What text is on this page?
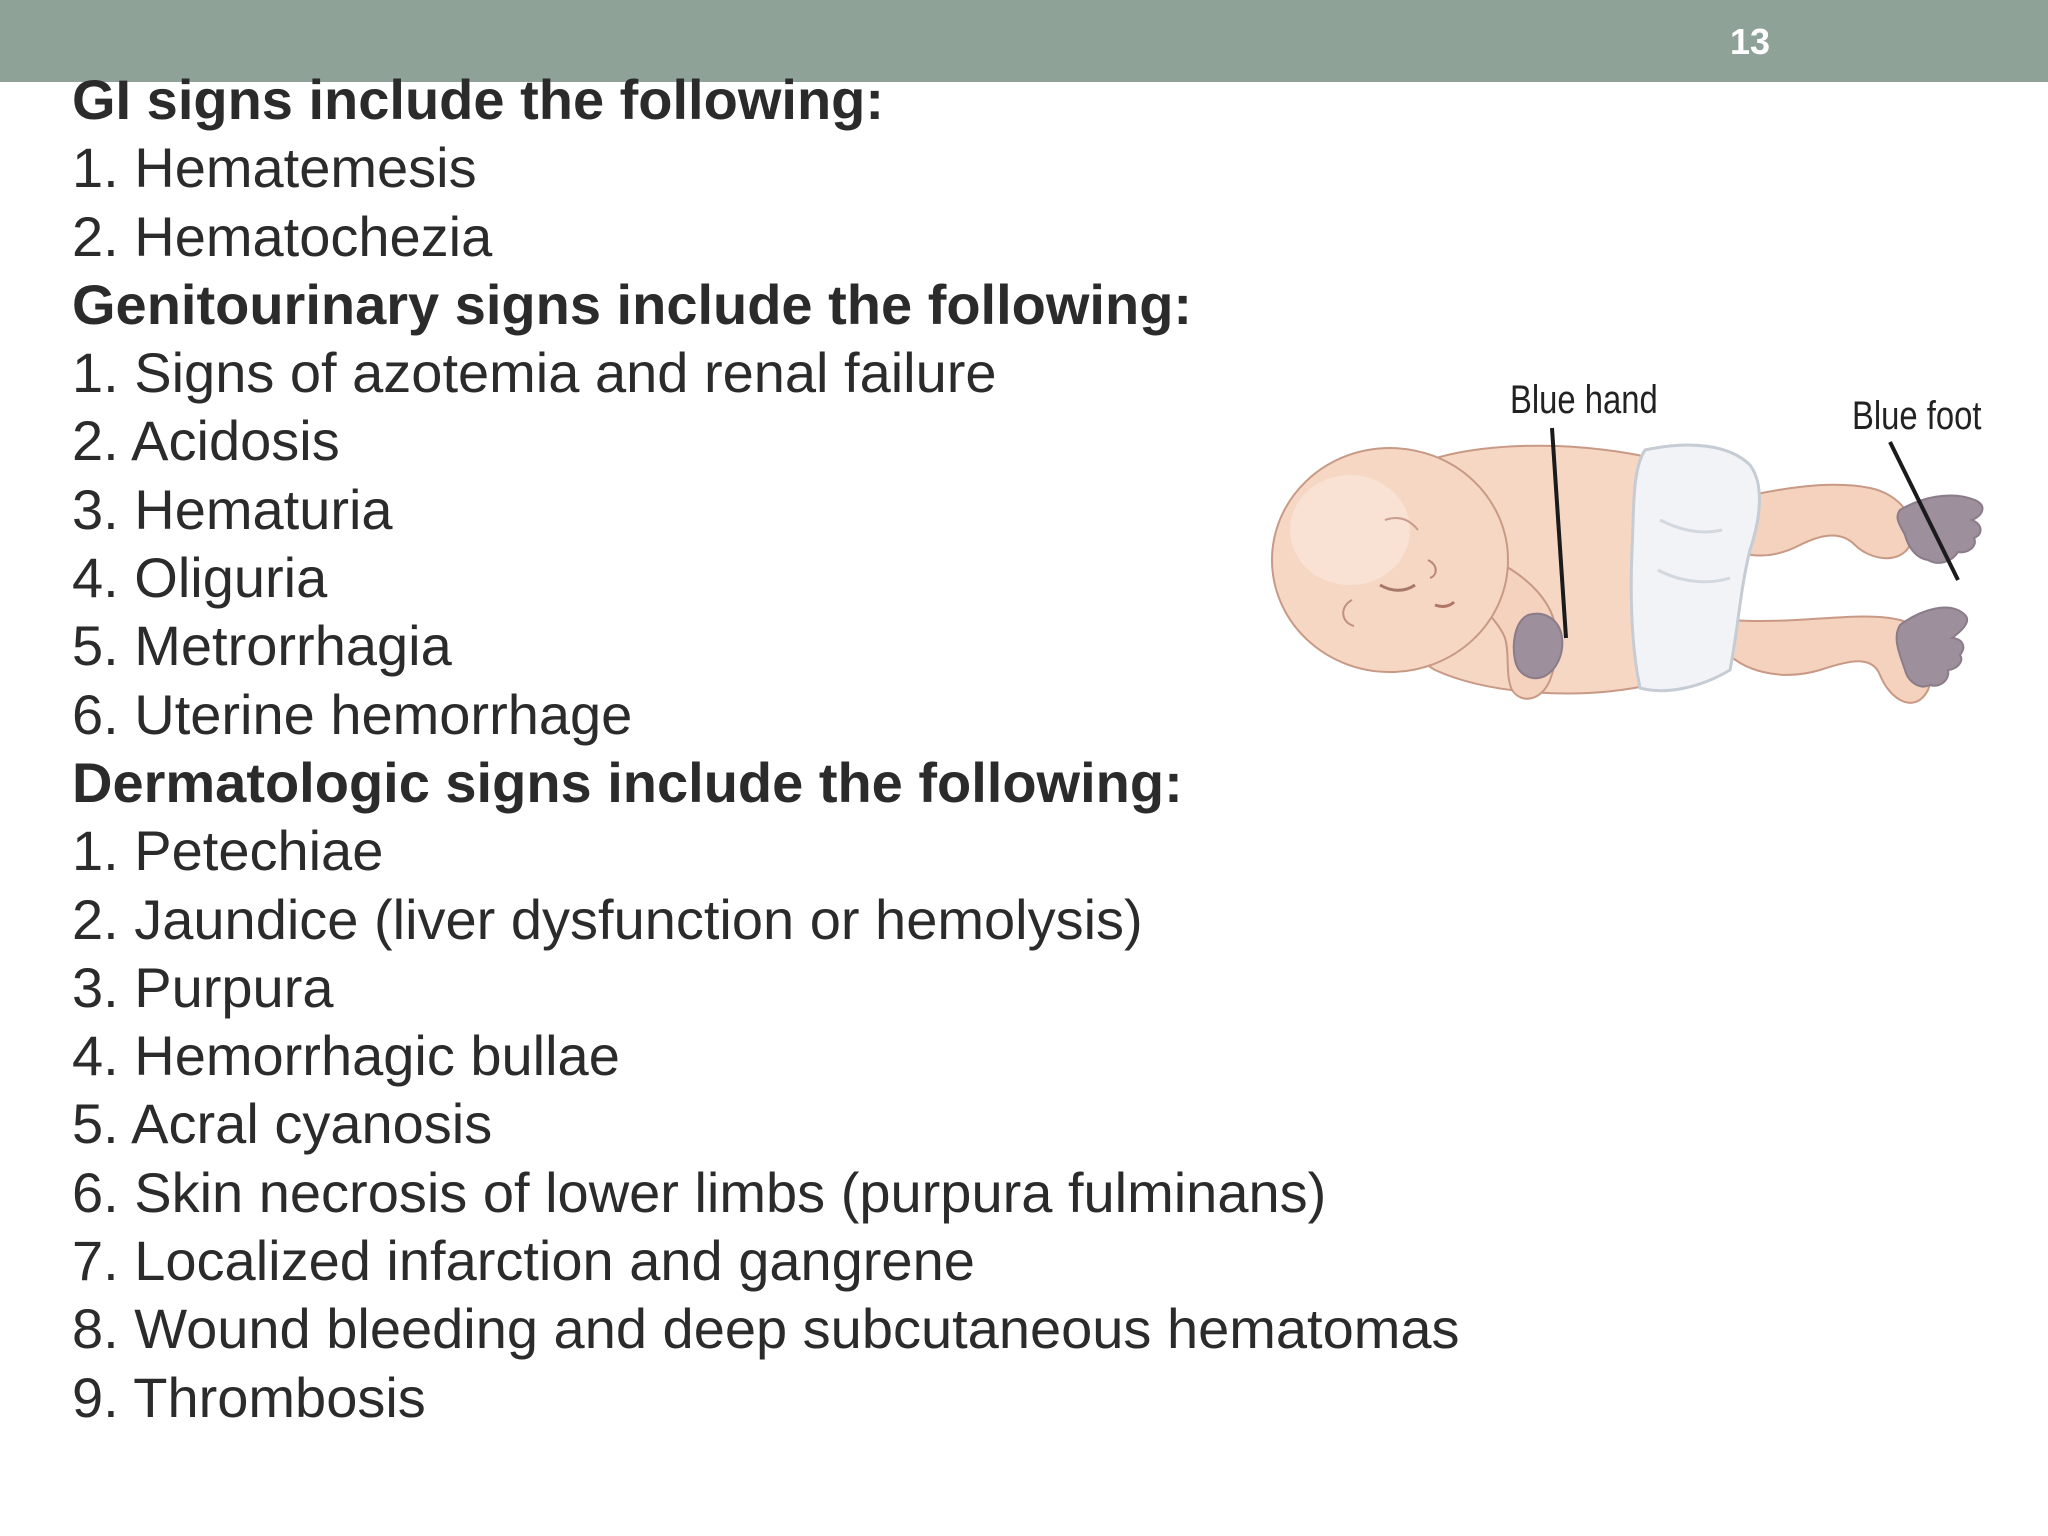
13
GI signs include the following:
1. Hematemesis
2. Hematochezia
Genitourinary signs include the following:
1. Signs of azotemia and renal failure
2. Acidosis
3. Hematuria
4. Oliguria
5. Metrorrhagia
6. Uterine hemorrhage
Dermatologic signs include the following:
1. Petechiae
2. Jaundice (liver dysfunction or hemolysis)
3. Purpura
4. Hemorrhagic bullae
5. Acral cyanosis
6. Skin necrosis of lower limbs (purpura fulminans)
7. Localized infarction and gangrene
8. Wound bleeding and deep subcutaneous hematomas
9. Thrombosis
Blue hand	Blue foot
